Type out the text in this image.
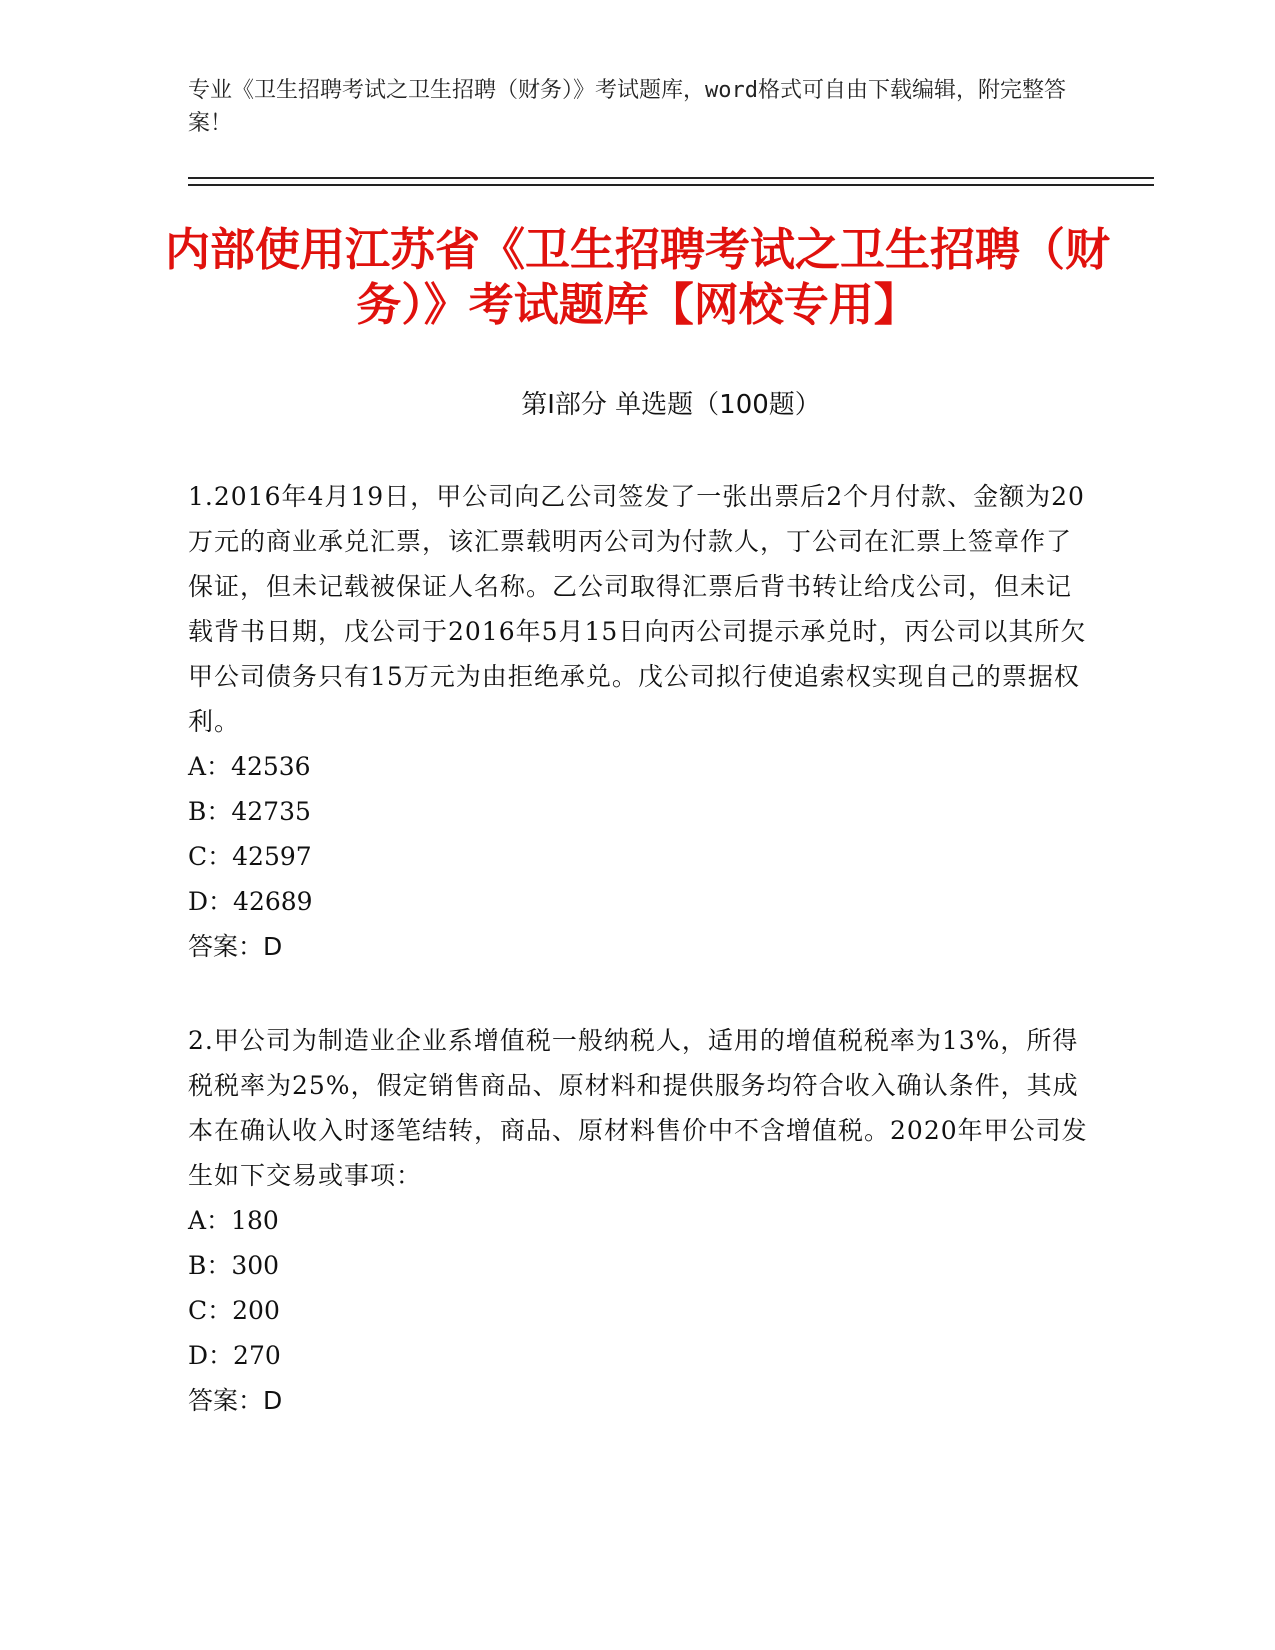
专业《卫生招聘考试之卫生招聘（财务）》考试题库，word格式可自由下载编辑，附完整答案！
内部使用江苏省《卫生招聘考试之卫生招聘（财务）》考试题库【网校专用】
第I部分 单选题（100题）
1.2016年4月19日，甲公司向乙公司签发了一张出票后2个月付款、金额为20万元的商业承兑汇票，该汇票载明丙公司为付款人，丁公司在汇票上签章作了保证，但未记载被保证人名称。乙公司取得汇票后背书转让给戊公司，但未记载背书日期，戊公司于2016年5月15日向丙公司提示承兑时，丙公司以其所欠甲公司债务只有15万元为由拒绝承兑。戊公司拟行使追索权实现自己的票据权利。
A：42536
B：42735
C：42597
D：42689
答案：D
2.甲公司为制造业企业系增值税一般纳税人，适用的增值税税率为13%，所得税税率为25%，假定销售商品、原材料和提供服务均符合收入确认条件，其成本在确认收入时逐笔结转，商品、原材料售价中不含增值税。2020年甲公司发生如下交易或事项：
A：180
B：300
C：200
D：270
答案：D
